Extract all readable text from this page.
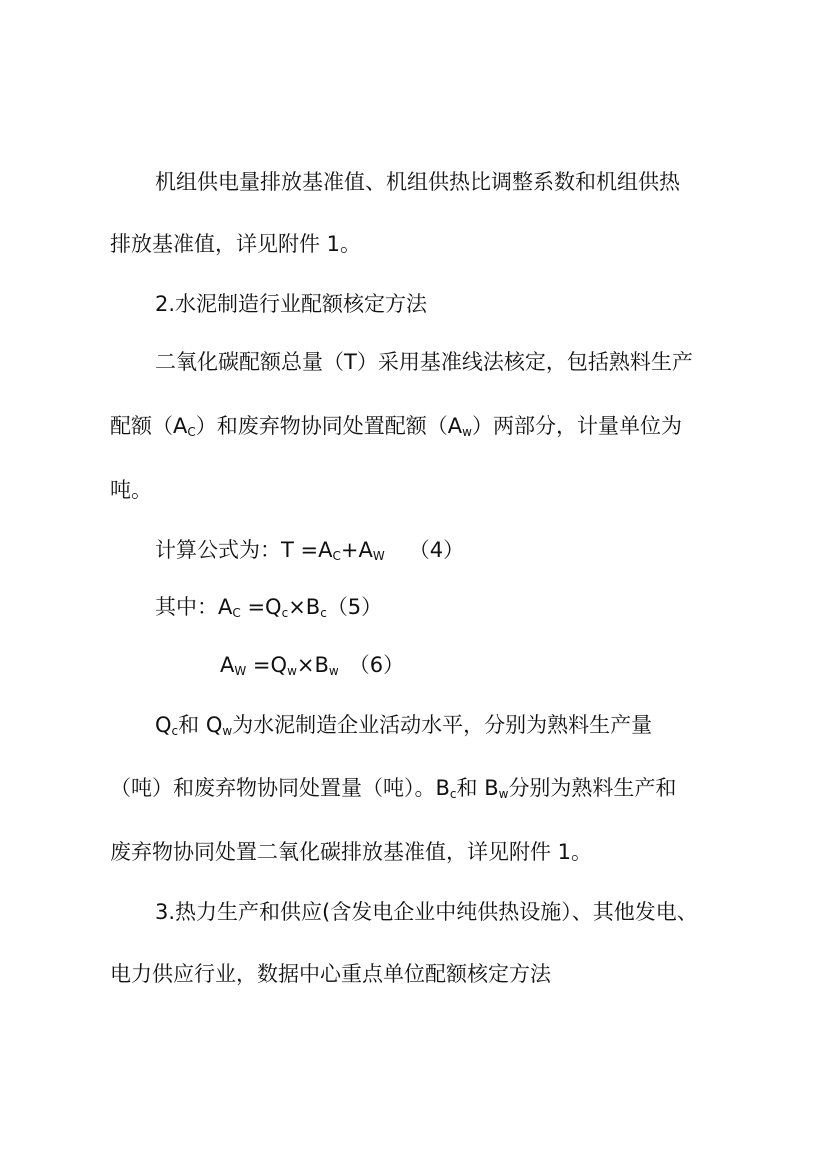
机组供电量排放基准值、机组供热比调整系数和机组供热
排放基准值，详见附件 1。
2.水泥制造行业配额核定方法
二氧化碳配额总量（T）采用基准线法核定，包括熟料生产
配额$(A_C)$和废弃物协同处置配额$(A_w)$两部分，计量单位为
吨。
计算公式为：$T =A_C+A_W$ （4）
其中：$A_C =Q_c\times B_c(5)$
$A_W =Q_w\times B_w$ （6）
$Q_c$和 $Q_w$为水泥制造企业活动水平，分别为熟料生产量
（吨）和废弃物协同处置量（吨）。$B_c$和 $B_w$分别为熟料生产和
废弃物协同处置二氧化碳排放基准值，详见附件 1。
3.热力生产和供应(含发电企业中纯供热设施）、其他发电、
电力供应行业，数据中心重点单位配额核定方法
